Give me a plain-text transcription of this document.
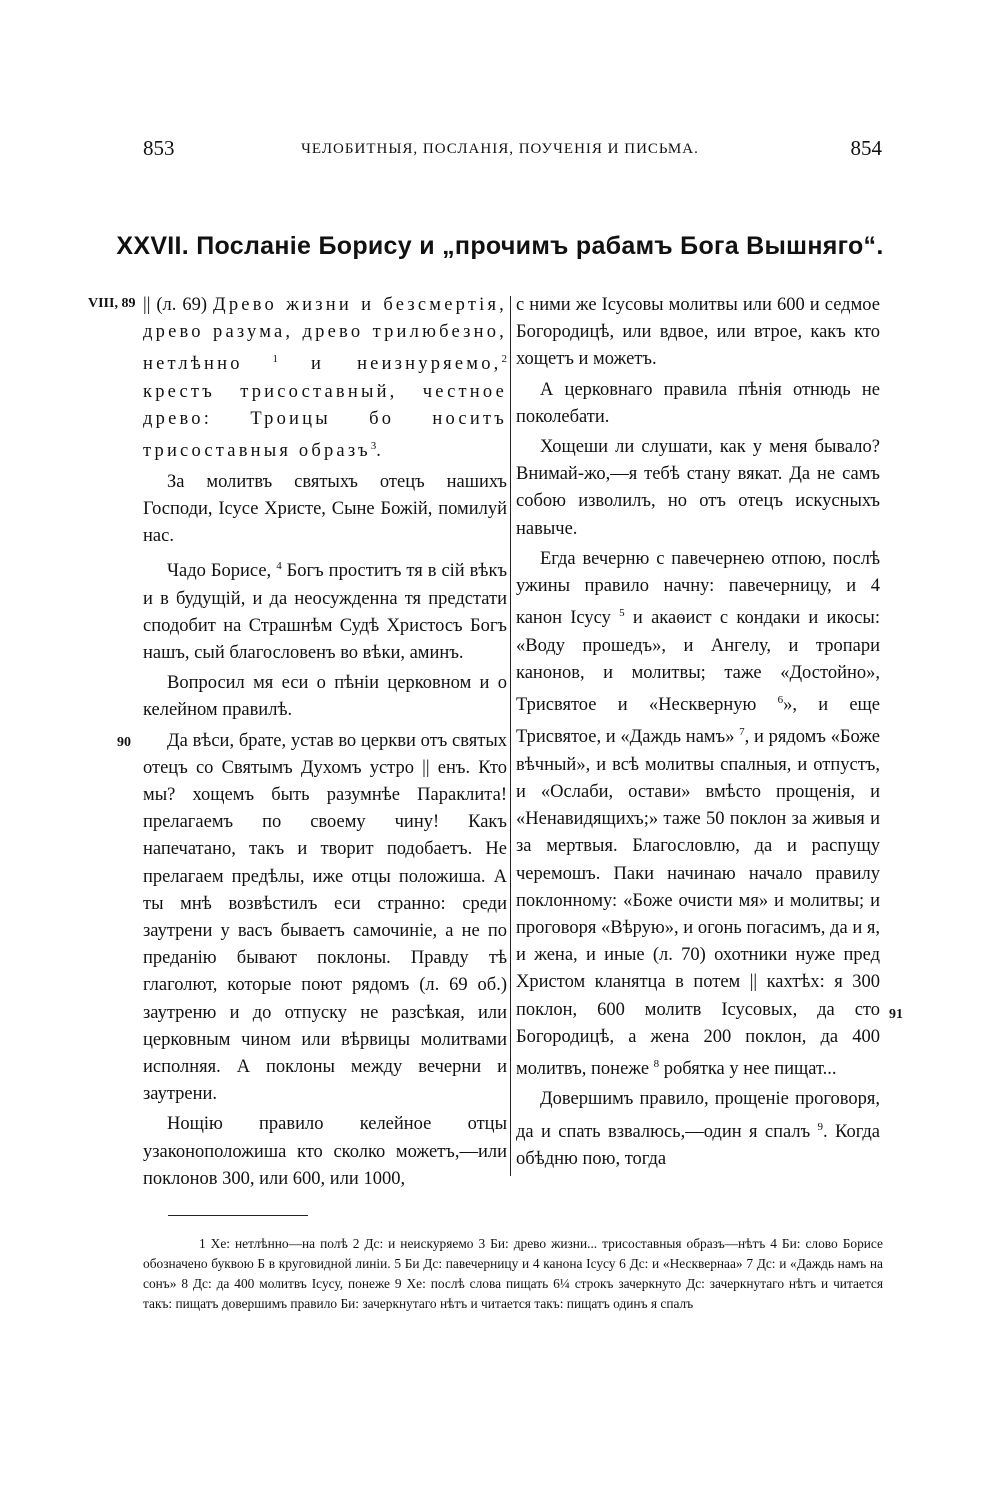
853	ЧЕЛОБИТНЫЯ, ПОСЛАНІЯ, ПОУЧЕНІЯ И ПИСЬМА.	854
XXVII. Посланіе Борису и „прочимъ рабамъ Бога Вышняго“.
VIII, 89
90
91

|| (л. 69) Древо жизни и безсмертія, древо разума, древо трилюбезно, нетлѣнно	$^1$ и неизнуряемо,$^2$ крестъ трисоставный, честное древо: Троицы бо носитъ трисоставныя образъ$^3$.

За молитвъ святыхъ отецъ нашихъ Господи, Ісусе Христе, Сыне Божій, помилуй нас.

Чадо Борисе, $^4$ Богъ проститъ тя в сій вѣкъ и в будущій, и да неосужденна тя предстати сподобит на Страшнѣм Судѣ Христосъ Богъ нашъ, сый благословенъ во вѣки, аминъ.

Вопросил мя еси о пѣніи церковном и о келейном правилѣ.

Да вѣси, брате, устав во церкви отъ святых отецъ со Святымъ Духомъ устро || енъ. Кто мы? хощемъ быть разумнѣе Параклита! прелагаемъ по своему чину! Какъ напечатано, такъ и творит подобаетъ. Не прелагаем предѣлы, иже отцы положиша. А ты мнѣ возвѣстилъ еси странно: среди заутрени у васъ бываетъ самочиніе, а не по преданію бывают поклоны. Правду тѣ глаголют, которые поют рядомъ (л. 69 об.) заутреню и до отпуску не разсѣкая, или церковным чином или вѣрвицы молитвами исполняя. А поклоны между вечерни и заутрени.

Нощію правило келейное отцы узаконоположиша кто сколко можетъ,—или поклонов 300, или 600, или 1000,

с ними же Ісусовы молитвы или 600 и седмое Богородицѣ, или вдвое, или втрое, какъ кто хощетъ и можетъ.

А церковнаго правила пѣнія отнюдь не поколебати.

Хощеши ли слушати, как у меня бывало? Внимай-жо,—я тебѣ стану вякат. Да не самъ собою изволилъ, но отъ отецъ искусныхъ навыче.

Егда вечерню с павечернею отпою, послѣ ужины правило начну: павечерницу, и 4 канон Ісусу $^5$ и акаѳист с кондаки и икосы: «Воду прошедъ», и Ангелу, и тропари канонов, и молитвы; таже «Достойно», Трисвятое и «Нескверную $^6$», и еще Трисвятое, и «Даждь намъ» $^7$, и рядомъ «Боже вѣчный», и всѣ молитвы спалныя, и отпустъ, и «Ослаби, остави» вмѣсто прощенія, и «Ненавидящихъ;» таже 50 поклон за живыя и за мертвыя. Благословлю, да и распущу черемошъ. Паки начинаю начало правилу поклонному: «Боже очисти мя» и молитвы; и проговоря «Вѣрую», и огонь погасимъ, да и я, и жена, и иные (л. 70) охотники нуже пред Христом кланятца в потем || кахтѣх: я 300 поклон, 600 молитв Ісусовых, да сто Богородицѣ, а жена 200 поклон, да 400 молитвъ, понеже $^8$ робятка у нее пищат...

Довершимъ правило, прощеніе проговоря, да и спать взвалюсь,—один я спалъ $^9$. Когда обѣдню пою, тогда

1 Хе: нетлѣнно—на полѣ 2 Дс: и неискуряемо 3 Би: древо жизни... трисоставныя образъ—нѣтъ 4 Би: слово Борисе обозначено буквою Б в круговидной линіи. 5 Би Дс: павечерницу и 4 канона Ісусу 6 Дс: и «Несквернаа» 7 Дс: и «Даждь намъ на сонъ» 8 Дс: да 400 молитвъ Ісусу, понеже 9 Хе: послѣ слова пищать 6¼ строкъ зачеркнуто Дс: зачеркнутаго нѣтъ и читается такъ: пищатъ довершимъ правило Би: зачеркнутаго нѣтъ и читается такъ: пищатъ одинъ я спалъ
